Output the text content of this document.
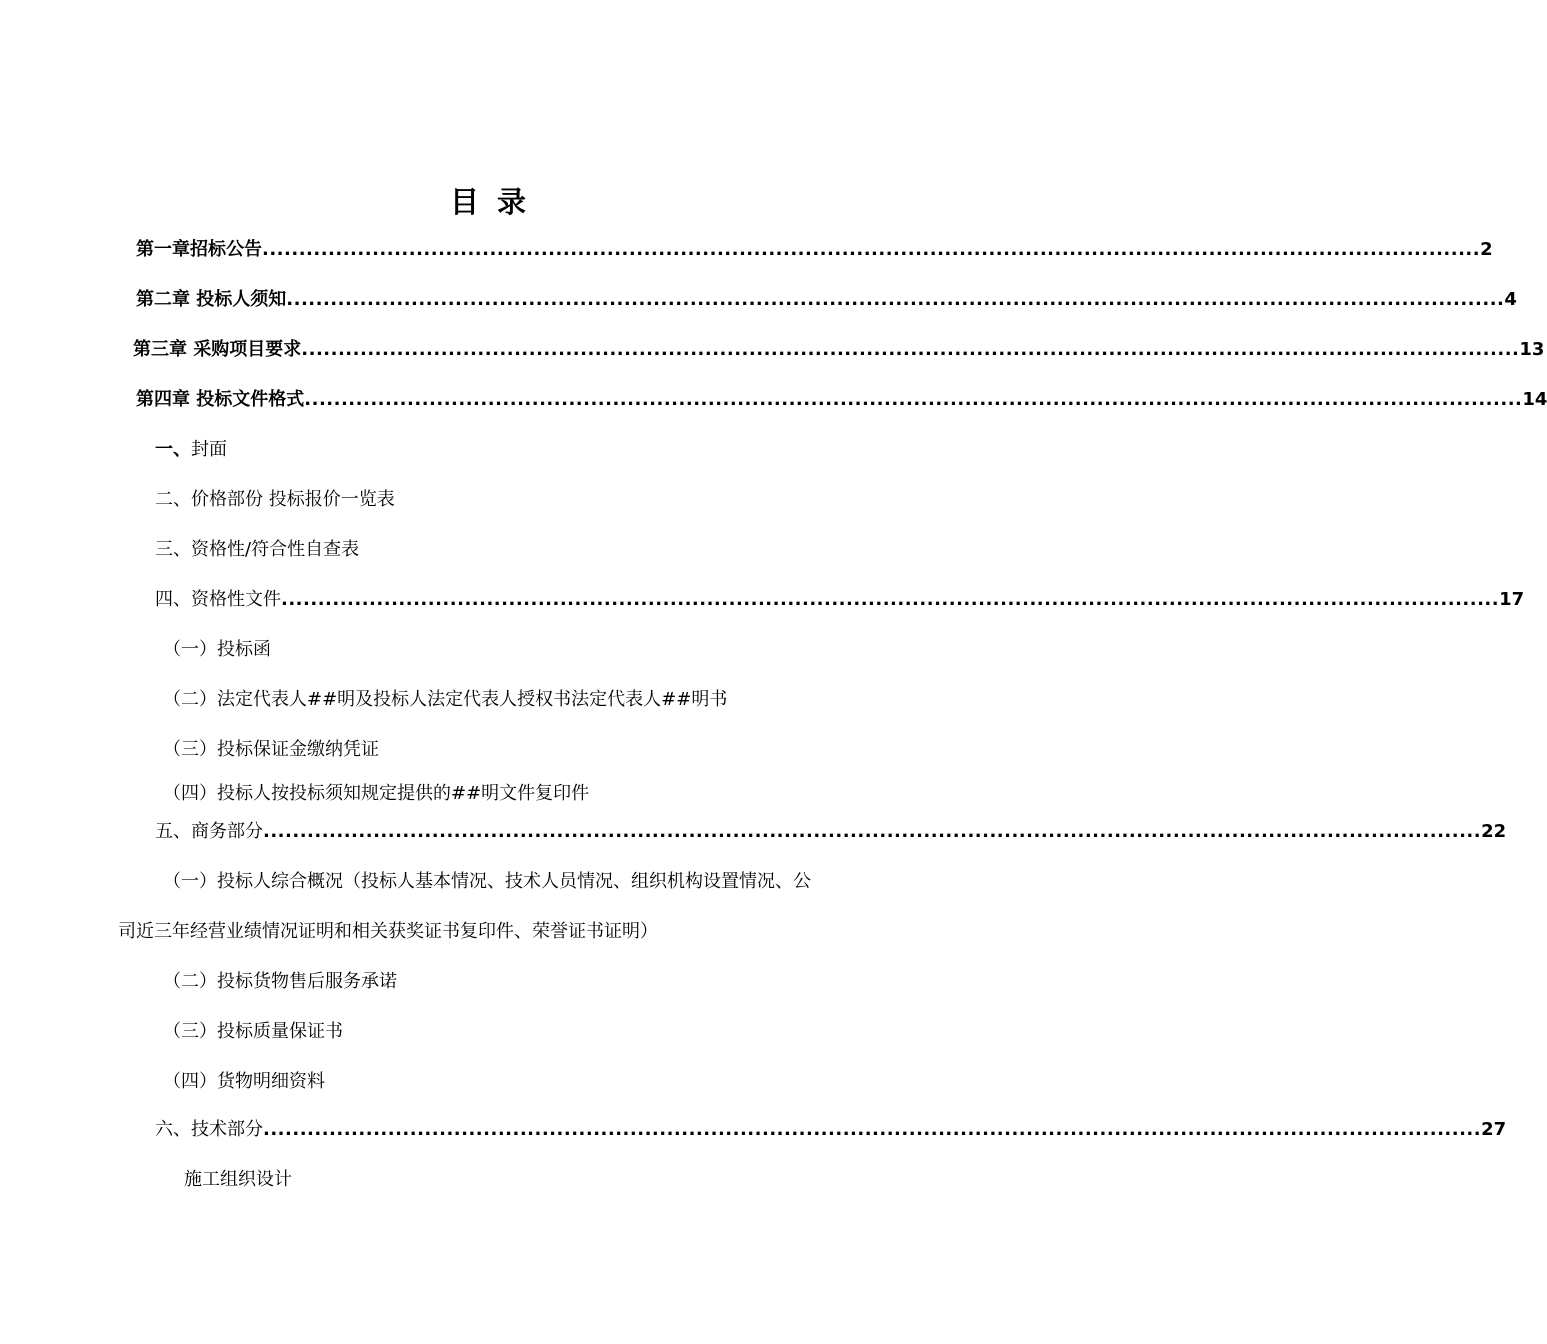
目 录
第一章招标公告 ...................................................................................................................................................................... 2
第二章 投标人须知 ...................................................................................................................................................................... 4
第三章 采购项目要求 ...................................................................................................................................................................... 13
第四章 投标文件格式 ...................................................................................................................................................................... 14
一、封面
二、价格部份 投标报价一览表
三、资格性/符合性自查表
四、资格性文件 ...................................................................................................................................................................... 17
（一）投标函
（二）法定代表人##明及投标人法定代表人授权书法定代表人##明书
（三）投标保证金缴纳凭证
（四）投标人按投标须知规定提供的##明文件复印件
五、商务部分 ...................................................................................................................................................................... 22
（一）投标人综合概况（投标人基本情况、技术人员情况、组织机构设置情况、公
司近三年经营业绩情况证明和相关获奖证书复印件、荣誉证书证明）
（二）投标货物售后服务承诺
（三）投标质量保证书
（四）货物明细资料
六、技术部分 ...................................................................................................................................................................... 27
施工组织设计
